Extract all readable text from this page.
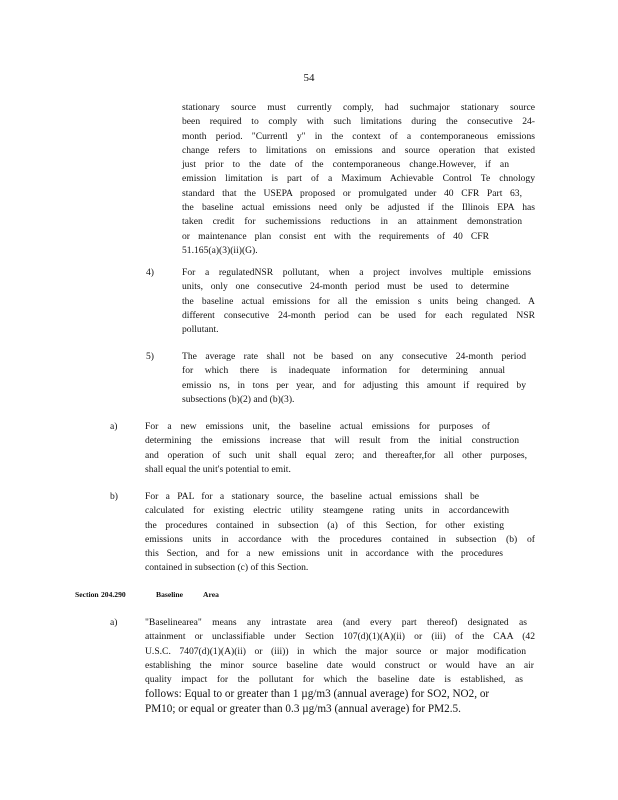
54
stationary source must currently comply, had suchmajor stationary source
been required to comply with such limitations during the consecutive 24-
month period. "Currentl y" in the context of a contemporaneous emissions
change refers to limitations on emissions and source operation that existed
just prior to the date of the contemporaneous change.However, if an
emission limitation is part of a Maximum Achievable Control Te chnology
standard that the USEPA proposed or promulgated under 40 CFR Part 63,
the baseline actual emissions need only be adjusted if the Illinois EPA has
taken credit for suchemissions reductions in an attainment demonstration
or maintenance plan consist ent with the requirements of 40 CFR
51.165(a)(3)(ii)(G).
4)	For a regulatedNSR pollutant, when a project involves multiple emissions
units, only one consecutive 24-month period must be used to determine
the baseline actual emissions for all the emission s units being changed. A
different consecutive 24-month period can be used for each regulated NSR
pollutant.
5)	The average rate shall not be based on any consecutive 24-month period
for which there is inadequate information for determining annual
emissio ns, in tons per year, and for adjusting this amount if required by
subsections (b)(2) and (b)(3).
a)	For a new emissions unit, the baseline actual emissions for purposes of
determining the emissions increase that will result from the initial construction
and operation of such unit shall equal zero; and thereafter,for all other purposes,
shall equal the unit's potential to emit.
b)	For a PAL for a stationary source, the baseline actual emissions shall be
calculated for existing electric utility steamgene rating units in accordancewith
the procedures contained in subsection (a) of this Section, for other existing
emissions units in accordance with the procedures contained in subsection (b) of
this Section, and for a new emissions unit in accordance with the procedures
contained in subsection (c) of this Section.
Section 204.290	Baseline	Area
a)	"Baselinearea" means any intrastate area (and every part thereof) designated as
attainment or unclassifiable under Section 107(d)(1)(A)(ii) or (iii) of the CAA (42
U.S.C. 7407(d)(1)(A)(ii) or (iii)) in which the major source or major modification
establishing the minor source baseline date would construct or would have an air
quality impact for the pollutant for which the baseline date is established, as
follows: Equal to or greater than 1 µg/m3 (annual average) for SO2, NO2, or
PM10; or equal or greater than 0.3 µg/m3 (annual average) for PM2.5.
